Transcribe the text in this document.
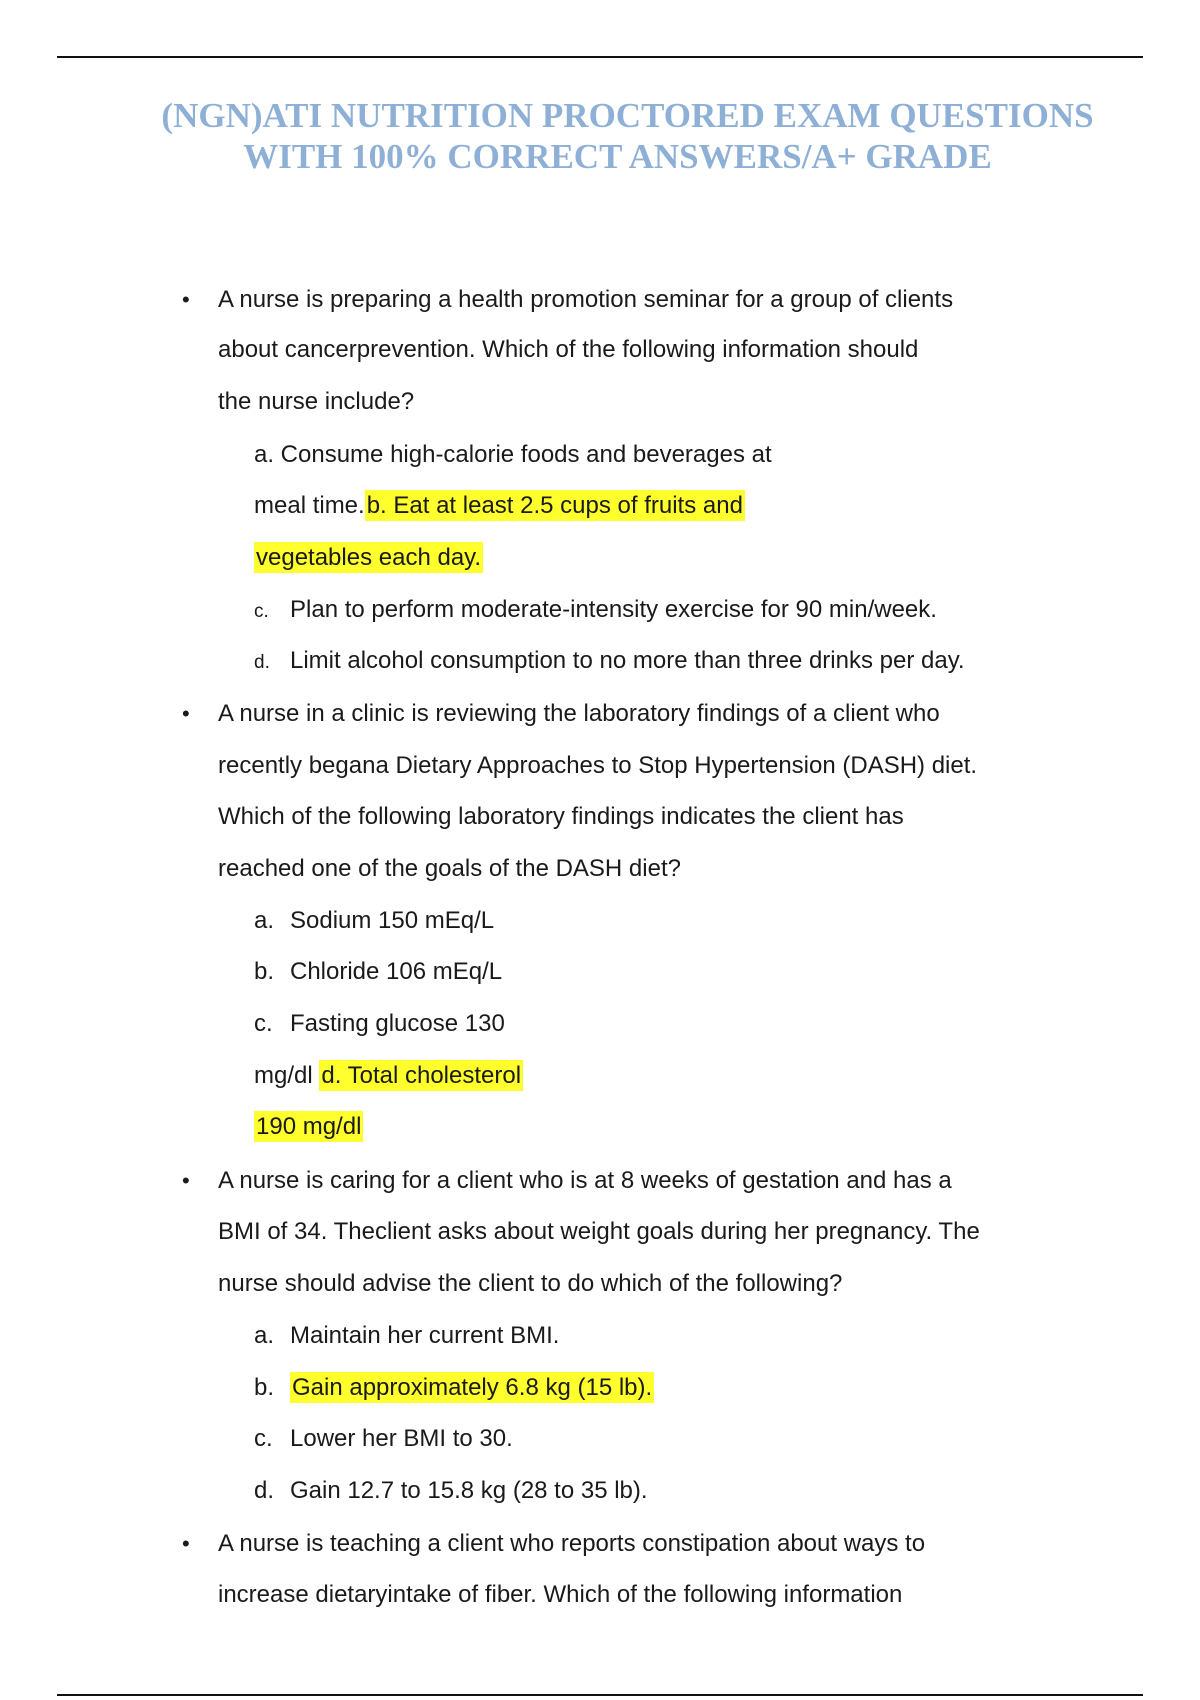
(NGN)ATI NUTRITION PROCTORED EXAM QUESTIONS
WITH 100% CORRECT ANSWERS/A+ GRADE
• A nurse is preparing a health promotion seminar for a group of clients
about cancerprevention. Which of the following information should
the nurse include?
a. Consume high-calorie foods and beverages at
meal time.b. Eat at least 2.5 cups of fruits and
vegetables each day.
c. Plan to perform moderate-intensity exercise for 90 min/week.
d. Limit alcohol consumption to no more than three drinks per day.
• A nurse in a clinic is reviewing the laboratory findings of a client who
recently begana Dietary Approaches to Stop Hypertension (DASH) diet.
Which of the following laboratory findings indicates the client has
reached one of the goals of the DASH diet?
a. Sodium 150 mEq/L
b. Chloride 106 mEq/L
c. Fasting glucose 130
mg/dl d. Total cholesterol
190 mg/dl
• A nurse is caring for a client who is at 8 weeks of gestation and has a
BMI of 34. Theclient asks about weight goals during her pregnancy. The
nurse should advise the client to do which of the following?
a. Maintain her current BMI.
b. Gain approximately 6.8 kg (15 lb).
c. Lower her BMI to 30.
d. Gain 12.7 to 15.8 kg (28 to 35 lb).
• A nurse is teaching a client who reports constipation about ways to
increase dietaryintake of fiber. Which of the following information
